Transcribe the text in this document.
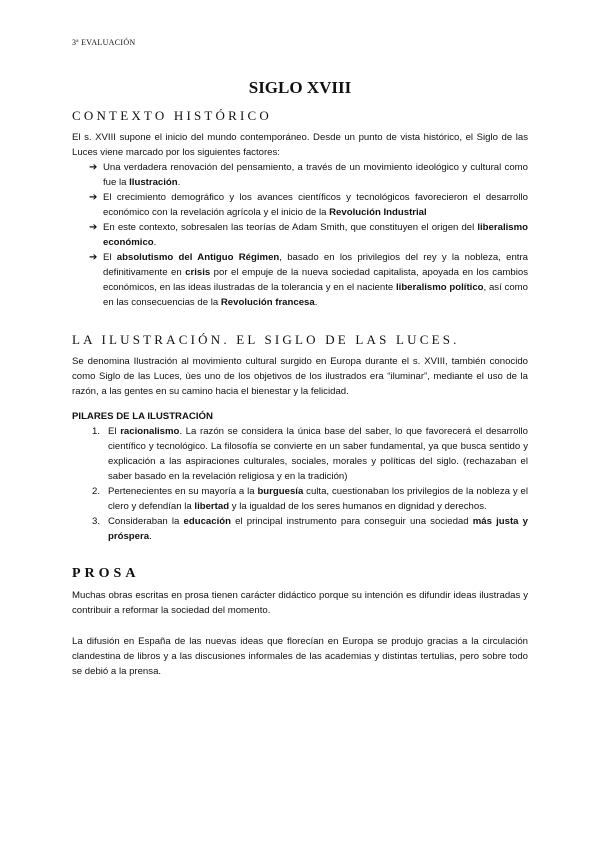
3ª EVALUACIÓN
SIGLO XVIII
CONTEXTO HISTÓRICO

El s. XVIII supone el inicio del mundo contemporáneo. Desde un punto de vista histórico, el Siglo de las Luces viene marcado por los siguientes factores:

➔ Una verdadera renovación del pensamiento, a través de un movimiento ideológico y cultural como fue la Ilustración.
➔ El crecimiento demográfico y los avances científicos y tecnológicos favorecieron el desarrollo económico con la revelación agrícola y el inicio de la Revolución Industrial
➔ En este contexto, sobresalen las teorías de Adam Smith, que constituyen el origen del liberalismo económico.
➔ El absolutismo del Antiguo Régimen, basado en los privilegios del rey y la nobleza, entra definitivamente en crisis por el empuje de la nueva sociedad capitalista, apoyada en los cambios económicos, en las ideas ilustradas de la tolerancia y en el naciente liberalismo político, así como en las consecuencias de la Revolución francesa.
LA ILUSTRACIÓN. EL SIGLO DE LAS LUCES.

Se denomina Ilustración al movimiento cultural surgido en Europa durante el s. XVIII, también conocido como Siglo de las Luces, ùes uno de los objetivos de los ilustrados era “iluminar”, mediante el uso de la razón, a las gentes en su camino hacia el bienestar y la felicidad.

PILARES DE LA ILUSTRACIÓN

1. El racionalismo. La razón se considera la única base del saber, lo que favorecerá el desarrollo científico y tecnológico. La filosofía se convierte en un saber fundamental, ya que busca sentido y explicación a las aspiraciones culturales, sociales, morales y políticas del siglo. (rechazaban el saber basado en la revelación religiosa y en la tradición)
2. Pertenecientes en su mayoría a la burguesía culta, cuestionaban los privilegios de la nobleza y el clero y defendían la libertad y la igualdad de los seres humanos en dignidad y derechos.
3. Consideraban la educación el principal instrumento para conseguir una sociedad más justa y próspera.
PROSA

Muchas obras escritas en prosa tienen carácter didáctico porque su intención es difundir ideas ilustradas y contribuir a reformar la sociedad del momento.

La difusión en España de las nuevas ideas que florecían en Europa se produjo gracias a la circulación clandestina de libros y a las discusiones informales de las academias y distintas tertulias, pero sobre todo se debió a la prensa.
